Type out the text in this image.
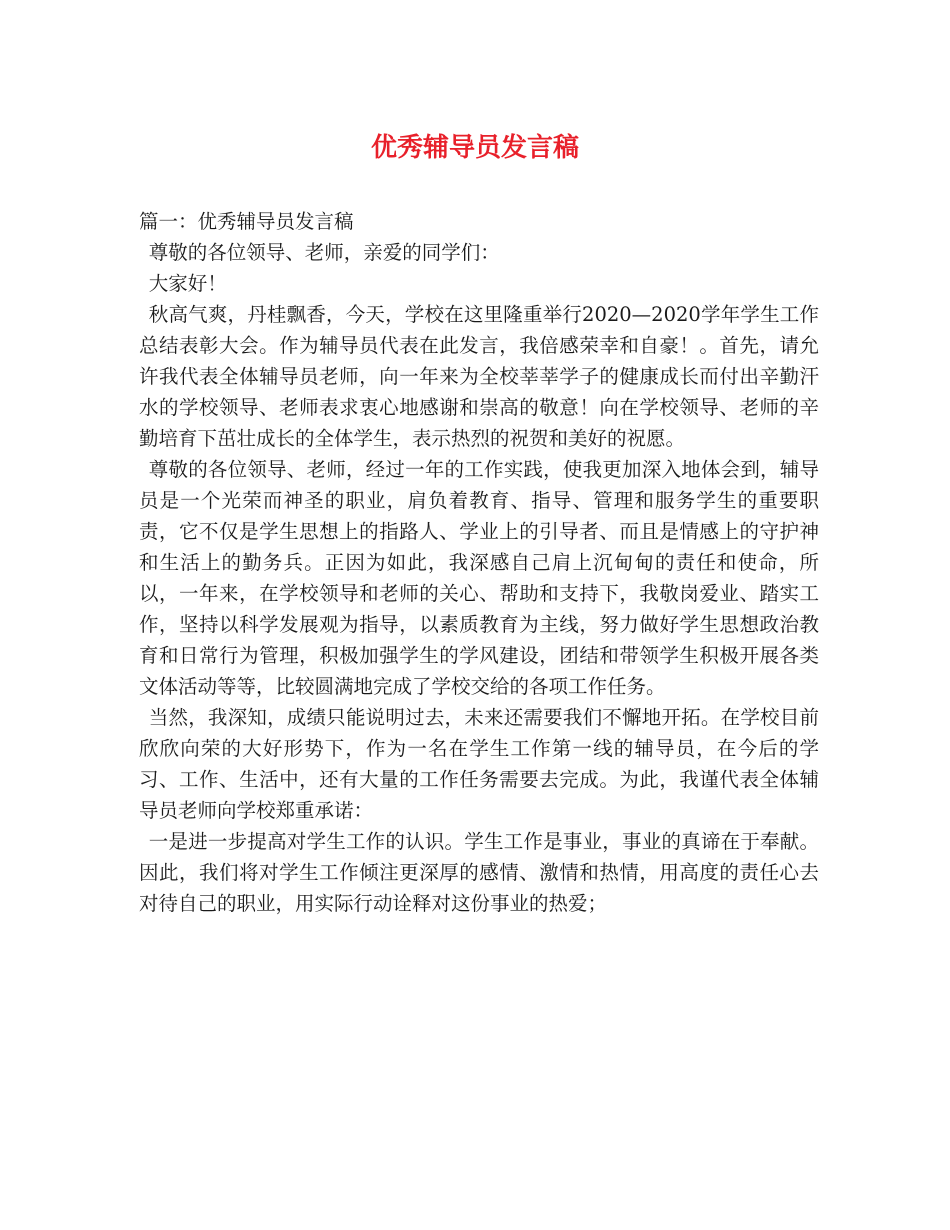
优秀辅导员发言稿

篇一：优秀辅导员发言稿

尊敬的各位领导、老师，亲爱的同学们：

大家好！

秋高气爽，丹桂飘香，今天，学校在这里隆重举行2020—2020学年学生工作总结表彰大会。作为辅导员代表在此发言，我倍感荣幸和自豪！。首先，请允许我代表全体辅导员老师，向一年来为全校莘莘学子的健康成长而付出辛勤汗水的学校领导、老师表求衷心地感谢和崇高的敬意！向在学校领导、老师的辛勤培育下茁壮成长的全体学生，表示热烈的祝贺和美好的祝愿。

尊敬的各位领导、老师，经过一年的工作实践，使我更加深入地体会到，辅导员是一个光荣而神圣的职业，肩负着教育、指导、管理和服务学生的重要职责，它不仅是学生思想上的指路人、学业上的引导者、而且是情感上的守护神和生活上的勤务兵。正因为如此，我深感自己肩上沉甸甸的责任和使命，所以，一年来，在学校领导和老师的关心、帮助和支持下，我敬岗爱业、踏实工作，坚持以科学发展观为指导，以素质教育为主线，努力做好学生思想政治教育和日常行为管理，积极加强学生的学风建设，团结和带领学生积极开展各类文体活动等等，比较圆满地完成了学校交给的各项工作任务。

当然，我深知，成绩只能说明过去，未来还需要我们不懈地开拓。在学校目前欣欣向荣的大好形势下，作为一名在学生工作第一线的辅导员，在今后的学习、工作、生活中，还有大量的工作任务需要去完成。为此，我谨代表全体辅导员老师向学校郑重承诺：

一是进一步提高对学生工作的认识。学生工作是事业，事业的真谛在于奉献。因此，我们将对学生工作倾注更深厚的感情、激情和热情，用高度的责任心去对待自己的职业，用实际行动诠释对这份事业的热爱；
